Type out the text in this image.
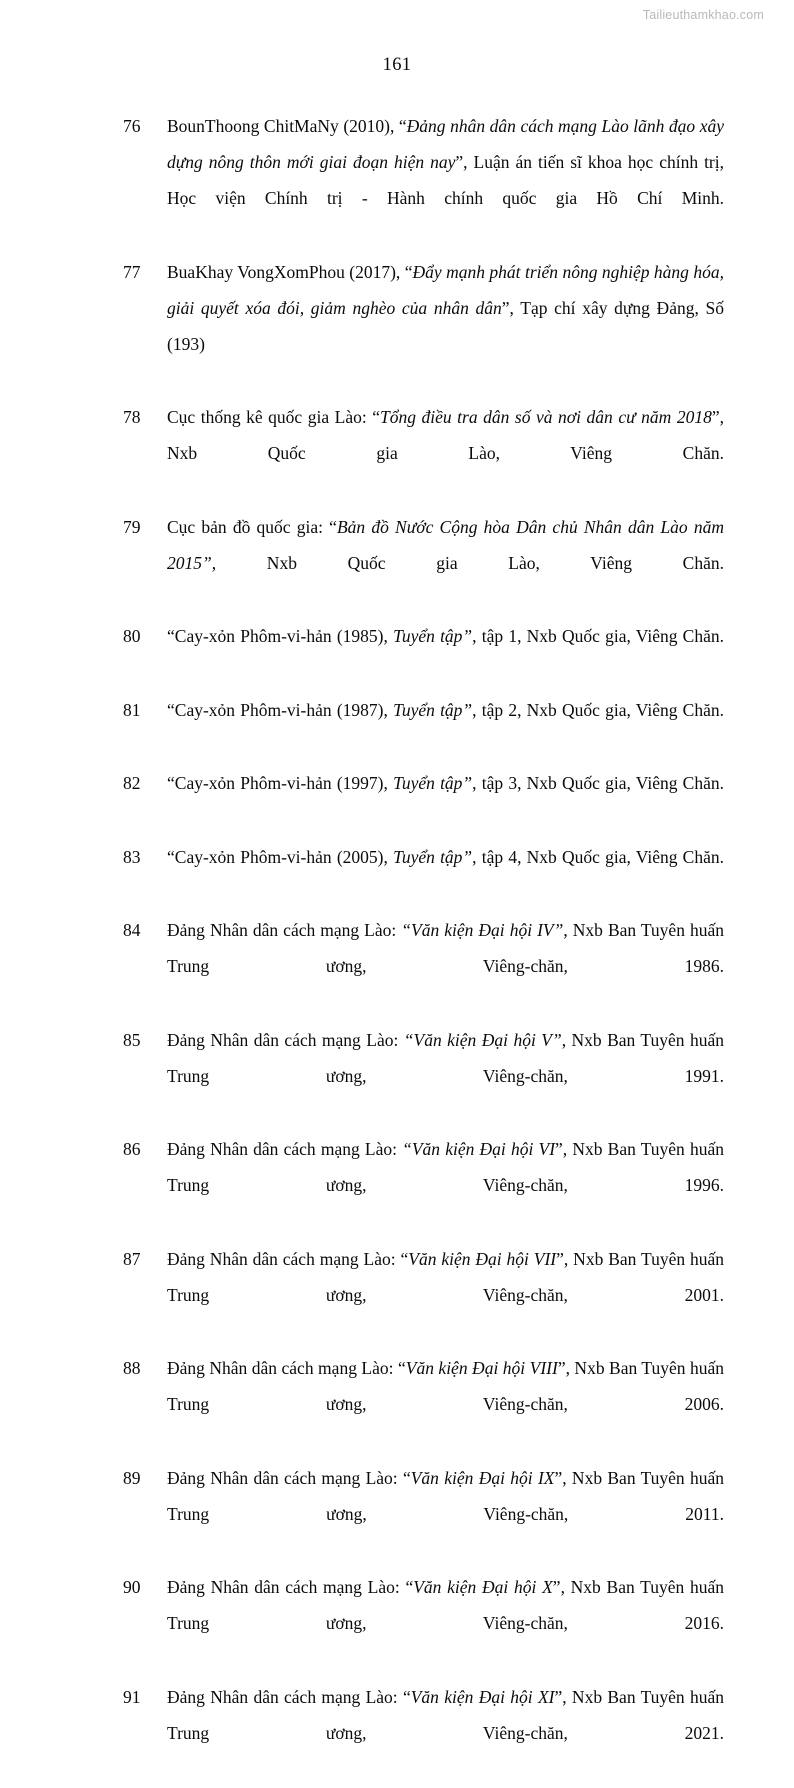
Tailieuthamkhao.com
161
76	BounThoong ChitMaNy (2010), “Đảng nhân dân cách mạng Lào lãnh đạo xây dựng nông thôn mới giai đoạn hiện nay”, Luận án tiến sĩ khoa học chính trị, Học viện Chính trị - Hành chính quốc gia Hồ Chí Minh.
77	BuaKhay VongXomPhou (2017), “Đẩy mạnh phát triển nông nghiệp hàng hóa, giải quyết xóa đói, giảm nghèo của nhân dân”, Tạp chí xây dựng Đảng, Số (193)
78	Cục thống kê quốc gia Lào: “Tổng điều tra dân số và nơi dân cư năm 2018”, Nxb Quốc gia Lào, Viêng Chăn.
79	Cục bản đồ quốc gia: “Bản đồ Nước Cộng hòa Dân chủ Nhân dân Lào năm 2015”, Nxb Quốc gia Lào, Viêng Chăn.
80	“Cay-xỏn Phôm-vi-hản (1985), Tuyển tập”, tập 1, Nxb Quốc gia, Viêng Chăn.
81	“Cay-xỏn Phôm-vi-hản (1987), Tuyển tập”, tập 2, Nxb Quốc gia, Viêng Chăn.
82	“Cay-xỏn Phôm-vi-hản (1997), Tuyển tập”, tập 3, Nxb Quốc gia, Viêng Chăn.
83	“Cay-xỏn Phôm-vi-hản (2005), Tuyển tập”, tập 4, Nxb Quốc gia, Viêng Chăn.
84	Đảng Nhân dân cách mạng Lào: “Văn kiện Đại hội IV”, Nxb Ban Tuyên huấn Trung ương, Viêng-chăn, 1986.
85	Đảng Nhân dân cách mạng Lào: “Văn kiện Đại hội V”, Nxb Ban Tuyên huấn Trung ương, Viêng-chăn, 1991.
86	Đảng Nhân dân cách mạng Lào: “Văn kiện Đại hội VI”, Nxb Ban Tuyên huấn Trung ương, Viêng-chăn, 1996.
87	Đảng Nhân dân cách mạng Lào: “Văn kiện Đại hội VII”, Nxb Ban Tuyên huấn Trung ương, Viêng-chăn, 2001.
88	Đảng Nhân dân cách mạng Lào: “Văn kiện Đại hội VIII”, Nxb Ban Tuyên huấn Trung ương, Viêng-chăn, 2006.
89	Đảng Nhân dân cách mạng Lào: “Văn kiện Đại hội IX”, Nxb Ban Tuyên huấn Trung ương, Viêng-chăn, 2011.
90	Đảng Nhân dân cách mạng Lào: “Văn kiện Đại hội X”, Nxb Ban Tuyên huấn Trung ương, Viêng-chăn, 2016.
91	Đảng Nhân dân cách mạng Lào: “Văn kiện Đại hội XI”, Nxb Ban Tuyên huấn Trung ương, Viêng-chăn, 2021.
